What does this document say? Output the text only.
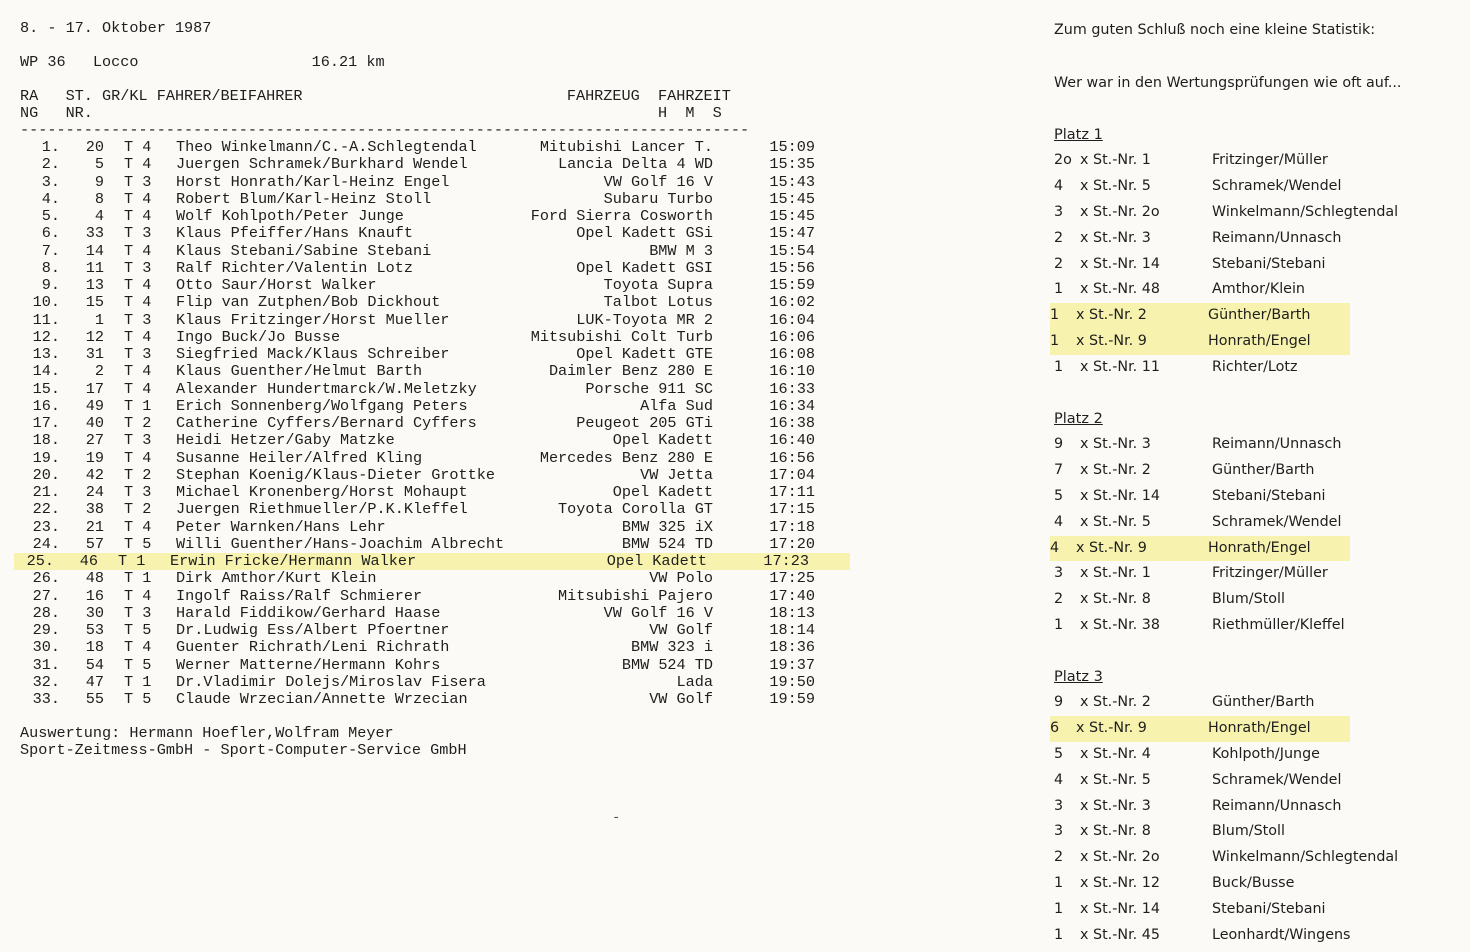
8. - 17. Oktober 1987
WP 36   Locco                   16.21 km
RA   ST. GR/KL FAHRER/BEIFAHRER                             FAHRZEUG  FAHRZEIT
NG   NR.                                                              H  M  S
--------------------------------------------------------------------------------
1.	20 T 4 Theo Winkelmann/C.-A.Schlegtendal	Mitubishi Lancer T.	15:09
2.	5 T 4 Juergen Schramek/Burkhard Wendel	Lancia Delta 4 WD	15:35
3.	9 T 3 Horst Honrath/Karl-Heinz Engel	VW Golf 16 V	15:43
4.	8 T 4 Robert Blum/Karl-Heinz Stoll	Subaru Turbo	15:45
5.	4 T 4 Wolf Kohlpoth/Peter Junge	Ford Sierra Cosworth	15:45
6.	33 T 3 Klaus Pfeiffer/Hans Knauft	Opel Kadett GSi	15:47
7.	14 T 4 Klaus Stebani/Sabine Stebani	BMW M 3	15:54
8.	11 T 3 Ralf Richter/Valentin Lotz	Opel Kadett GSI	15:56
9.	13 T 4 Otto Saur/Horst Walker	Toyota Supra	15:59
10.	15 T 4 Flip van Zutphen/Bob Dickhout	Talbot Lotus	16:02
11.	1 T 3 Klaus Fritzinger/Horst Mueller	LUK-Toyota MR 2	16:04
12.	12 T 4 Ingo Buck/Jo Busse	Mitsubishi Colt Turb	16:06
13.	31 T 3 Siegfried Mack/Klaus Schreiber	Opel Kadett GTE	16:08
14.	2 T 4 Klaus Guenther/Helmut Barth	Daimler Benz 280 E	16:10
15.	17 T 4 Alexander Hundertmarck/W.Meletzky	Porsche 911 SC	16:33
16.	49 T 1 Erich Sonnenberg/Wolfgang Peters	Alfa Sud	16:34
17.	40 T 2 Catherine Cyffers/Bernard Cyffers	Peugeot 205 GTi	16:38
18.	27 T 3 Heidi Hetzer/Gaby Matzke	Opel Kadett	16:40
19.	19 T 4 Susanne Heiler/Alfred Kling	Mercedes Benz 280 E	16:56
20.	42 T 2 Stephan Koenig/Klaus-Dieter Grottke	VW Jetta	17:04
21.	24 T 3 Michael Kronenberg/Horst Mohaupt	Opel Kadett	17:11
22.	38 T 2 Juergen Riethmueller/P.K.Kleffel	Toyota Corolla GT	17:15
23.	21 T 4 Peter Warnken/Hans Lehr	BMW 325 iX	17:18
24.	57 T 5 Willi Guenther/Hans-Joachim Albrecht	BMW 524 TD	17:20
25.	46 T 1 Erwin Fricke/Hermann Walker	Opel Kadett	17:23
26.	48 T 1 Dirk Amthor/Kurt Klein	VW Polo	17:25
27.	16 T 4 Ingolf Raiss/Ralf Schmierer	Mitsubishi Pajero	17:40
28.	30 T 3 Harald Fiddikow/Gerhard Haase	VW Golf 16 V	18:13
29.	53 T 5 Dr.Ludwig Ess/Albert Pfoertner	VW Golf	18:14
30.	18 T 4 Guenter Richrath/Leni Richrath	BMW 323 i	18:36
31.	54 T 5 Werner Matterne/Hermann Kohrs	BMW 524 TD	19:37
32.	47 T 1 Dr.Vladimir Dolejs/Miroslav Fisera	Lada	19:50
33.	55 T 5 Claude Wrzecian/Annette Wrzecian	VW Golf	19:59
Auswertung: Hermann Hoefler,Wolfram Meyer
Sport-Zeitmess-GmbH - Sport-Computer-Service GmbH
-
Zum guten Schluß noch eine kleine Statistik:
Wer war in den Wertungsprüfungen wie oft auf...
Platz 1
2o x St.-Nr. 1	Fritzinger/Müller
4 x St.-Nr. 5	Schramek/Wendel
3 x St.-Nr. 2o	Winkelmann/Schlegtendal
2 x St.-Nr. 3	Reimann/Unnasch
2 x St.-Nr. 14	Stebani/Stebani
1 x St.-Nr. 48	Amthor/Klein
1 x St.-Nr. 2	Günther/Barth
1 x St.-Nr. 9	Honrath/Engel
1 x St.-Nr. 11	Richter/Lotz
Platz 2
9 x St.-Nr. 3	Reimann/Unnasch
7 x St.-Nr. 2	Günther/Barth
5 x St.-Nr. 14	Stebani/Stebani
4 x St.-Nr. 5	Schramek/Wendel
4 x St.-Nr. 9	Honrath/Engel
3 x St.-Nr. 1	Fritzinger/Müller
2 x St.-Nr. 8	Blum/Stoll
1 x St.-Nr. 38	Riethmüller/Kleffel
Platz 3
9 x St.-Nr. 2	Günther/Barth
6 x St.-Nr. 9	Honrath/Engel
5 x St.-Nr. 4	Kohlpoth/Junge
4 x St.-Nr. 5	Schramek/Wendel
3 x St.-Nr. 3	Reimann/Unnasch
3 x St.-Nr. 8	Blum/Stoll
2 x St.-Nr. 2o	Winkelmann/Schlegtendal
1 x St.-Nr. 12	Buck/Busse
1 x St.-Nr. 14	Stebani/Stebani
1 x St.-Nr. 45	Leonhardt/Wingens
